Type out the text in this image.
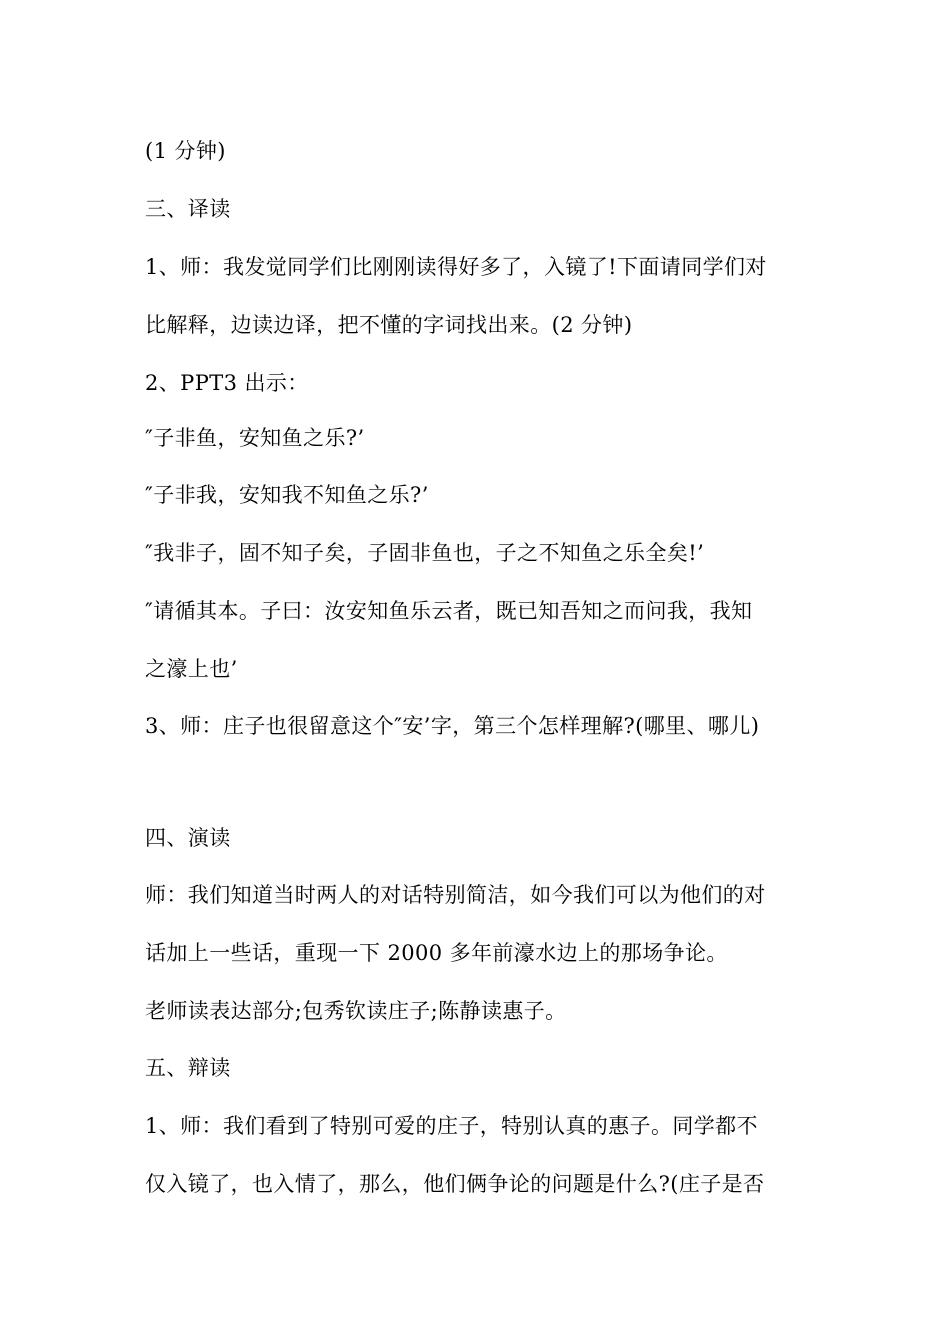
(1 分钟)
三、译读
1、师：我发觉同学们比刚刚读得好多了，入镜了!下面请同学们对
比解释，边读边译，把不懂的字词找出来。(2 分钟)
2、PPT3 出示：
″子非鱼，安知鱼之乐?’
″子非我，安知我不知鱼之乐?’
″我非子，固不知子矣，子固非鱼也，子之不知鱼之乐全矣!’
″请循其本。子曰：汝安知鱼乐云者，既已知吾知之而问我，我知
之濠上也’
3、师：庄子也很留意这个″安’字，第三个怎样理解?(哪里、哪儿)
四、演读
师：我们知道当时两人的对话特别简洁，如今我们可以为他们的对
话加上一些话，重现一下 2000 多年前濠水边上的那场争论。
老师读表达部分;包秀钦读庄子;陈静读惠子。
五、辩读
1、师：我们看到了特别可爱的庄子，特别认真的惠子。同学都不
仅入镜了，也入情了，那么，他们俩争论的问题是什么?(庄子是否
